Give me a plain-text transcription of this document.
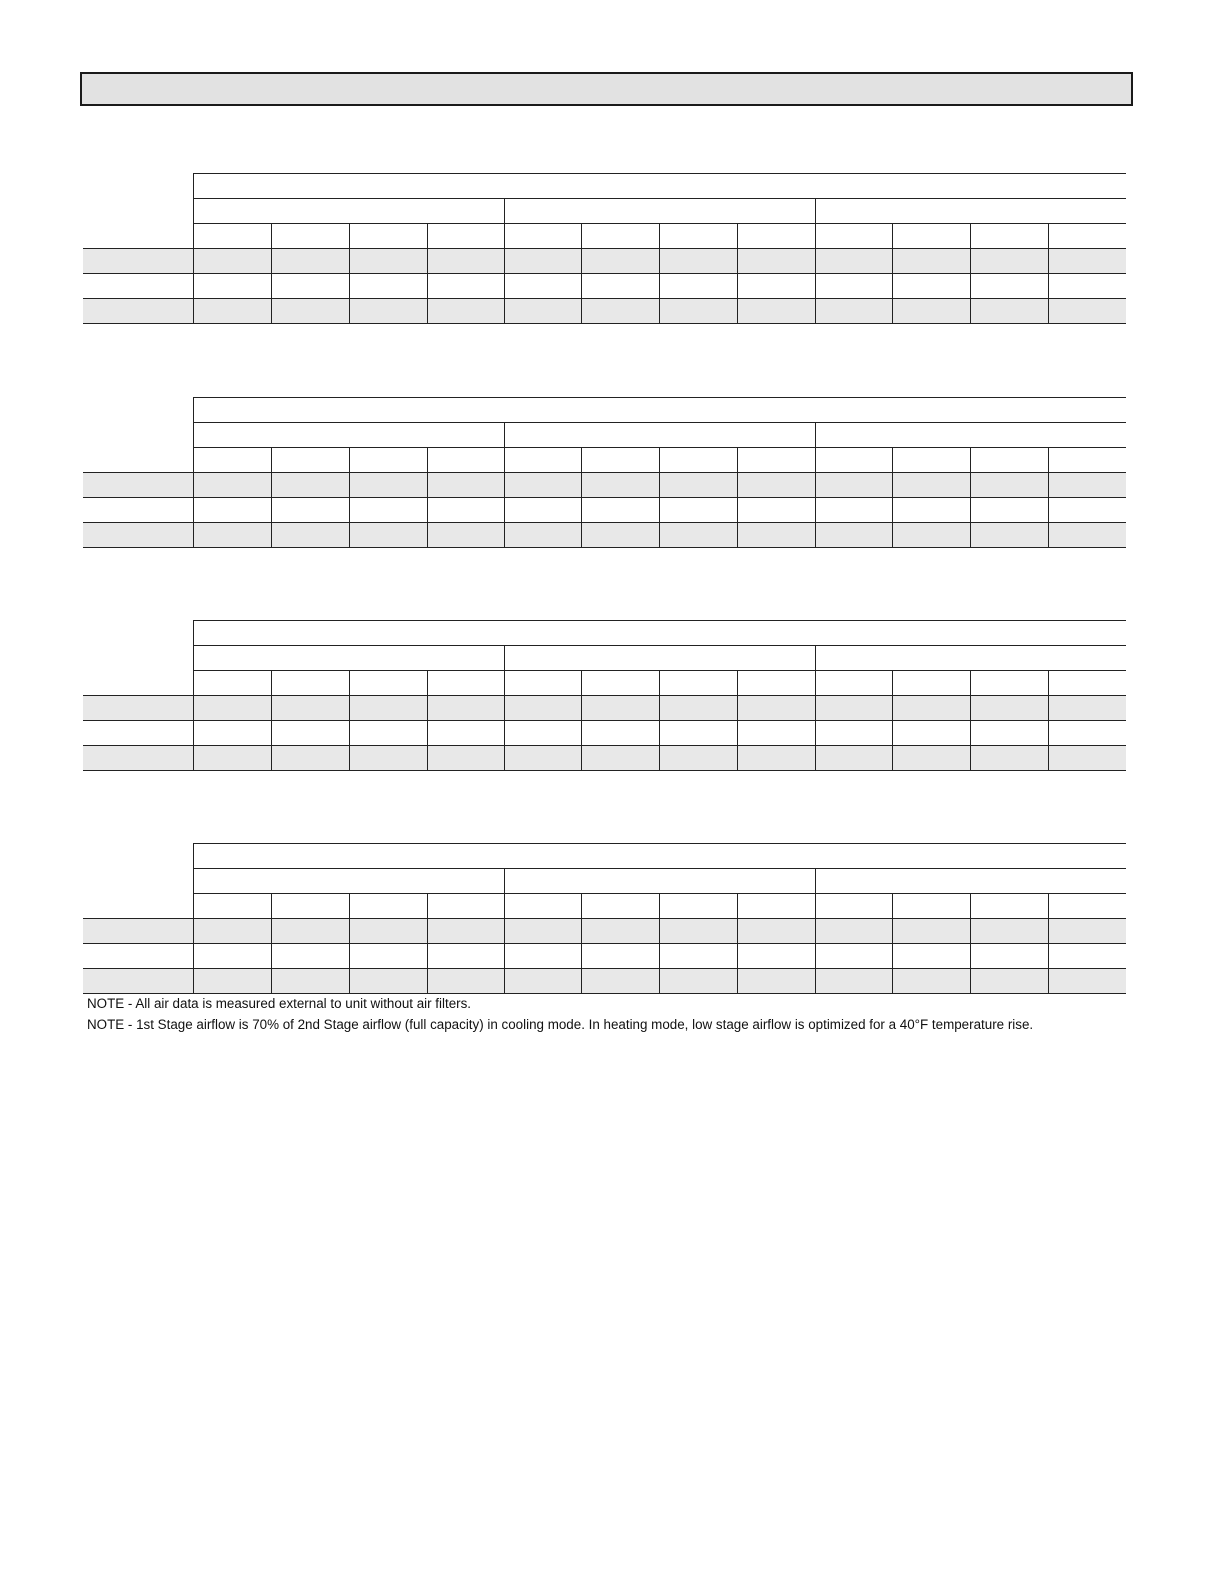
NOTE - All air data is measured external to unit without air filters.

NOTE - 1st Stage airflow is 70% of 2nd Stage airflow (full capacity) in cooling mode. In heating mode, low stage airflow is optimized for a 40°F temperature rise.
